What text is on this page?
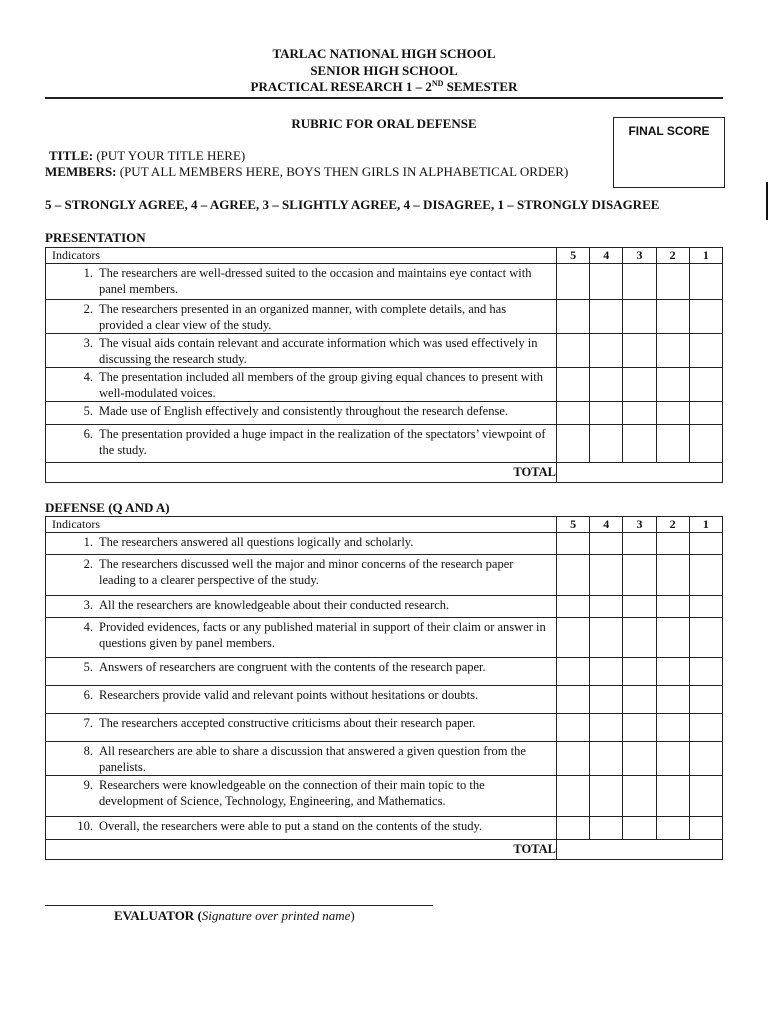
TARLAC NATIONAL HIGH SCHOOL
SENIOR HIGH SCHOOL
PRACTICAL RESEARCH 1 – 2ND SEMESTER
RUBRIC FOR ORAL DEFENSE	FINAL SCORE
TITLE: (PUT YOUR TITLE HERE)
MEMBERS: (PUT ALL MEMBERS HERE, BOYS THEN GIRLS IN ALPHABETICAL ORDER)
5 – STRONGLY AGREE, 4 – AGREE, 3 – SLIGHTLY AGREE, 4 – DISAGREE, 1 – STRONGLY DISAGREE
PRESENTATION
Indicators	5	4	3	2	1

1. The researchers are well-dressed suited to the occasion and maintains eye contact with panel members.					

2. The researchers presented in an organized manner, with complete details, and has provided a clear view of the study.					

3. The visual aids contain relevant and accurate information which was used effectively in discussing the research study.					

4. The presentation included all members of the group giving equal chances to present with well-modulated voices.					

5. Made use of English effectively and consistently throughout the research defense.					

6. The presentation provided a huge impact in the realization of the spectators’ viewpoint of the study.					

TOTAL					
DEFENSE (Q AND A)
Indicators	5	4	3	2	1

1. The researchers answered all questions logically and scholarly.					

2. The researchers discussed well the major and minor concerns of the research paper leading to a clearer perspective of the study.					

3. All the researchers are knowledgeable about their conducted research.					

4. Provided evidences, facts or any published material in support of their claim or answer in questions given by panel members.					

5. Answers of researchers are congruent with the contents of the research paper.					

6. Researchers provide valid and relevant points without hesitations or doubts.					

7. The researchers accepted constructive criticisms about their research paper.					

8. All researchers are able to share a discussion that answered a given question from the panelists.					

9. Researchers were knowledgeable on the connection of their main topic to the development of Science, Technology, Engineering, and Mathematics.					

10. Overall, the researchers were able to put a stand on the contents of the study.					

TOTAL					
EVALUATOR (Signature over printed name)
